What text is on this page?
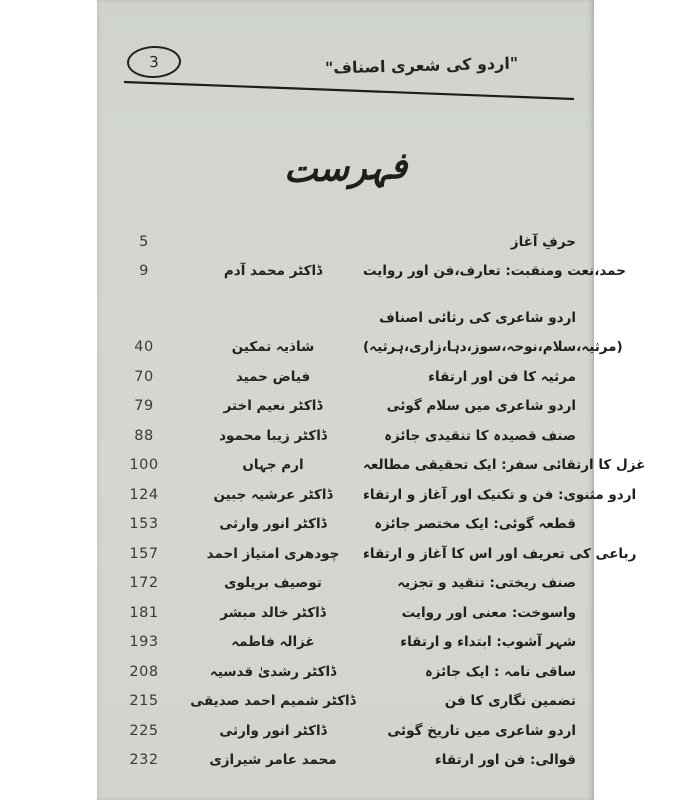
3	"اردو کی شعری اصناف"
فہرست
5	حرفِ آغاز
9	ڈاکٹر محمد آدم	حمد،نعت ومنقبت: تعارف،فن اور روایت
اردو شاعری کی رثائی اصناف
40	شاذیہ تمکین	(مرثیہ،سلام،نوحہ،سوز،دہا،زاری،ہرثیہ)
70	فیاض حمید	مرثیہ کا فن اور ارتقاء
79	ڈاکٹر نعیم اختر	اردو شاعری میں سلام گوئی
88	ڈاکٹر زیبا محمود	صنف قصیدہ کا تنقیدی جائزہ
100	ارم جہاں	غزل کا ارتقائی سفر: ایک تحقیقی مطالعہ
124	ڈاکٹر عرشیہ جبین	اردو مثنوی: فن و تکنیک اور آغاز و ارتقاء
153	ڈاکٹر انور وارثی	قطعہ گوئی: ایک مختصر جائزہ
157	چودھری امتیاز احمد	رباعی کی تعریف اور اس کا آغاز و ارتقاء
172	توصیف بریلوی	صنف ریختی: تنقید و تجزیہ
181	ڈاکٹر خالد مبشر	واسوخت: معنی اور روایت
193	غزالہ فاطمہ	شہر آشوب: ابتداء و ارتقاء
208	ڈاکٹر رشدیٰ قدسیہ	ساقی نامہ : ایک جائزہ
215	ڈاکٹر شمیم احمد صدیقی	تضمین نگاری کا فن
225	ڈاکٹر انور وارثی	اردو شاعری میں تاریخ گوئی
232	محمد عامر شیرازی	قوالی: فن اور ارتقاء
